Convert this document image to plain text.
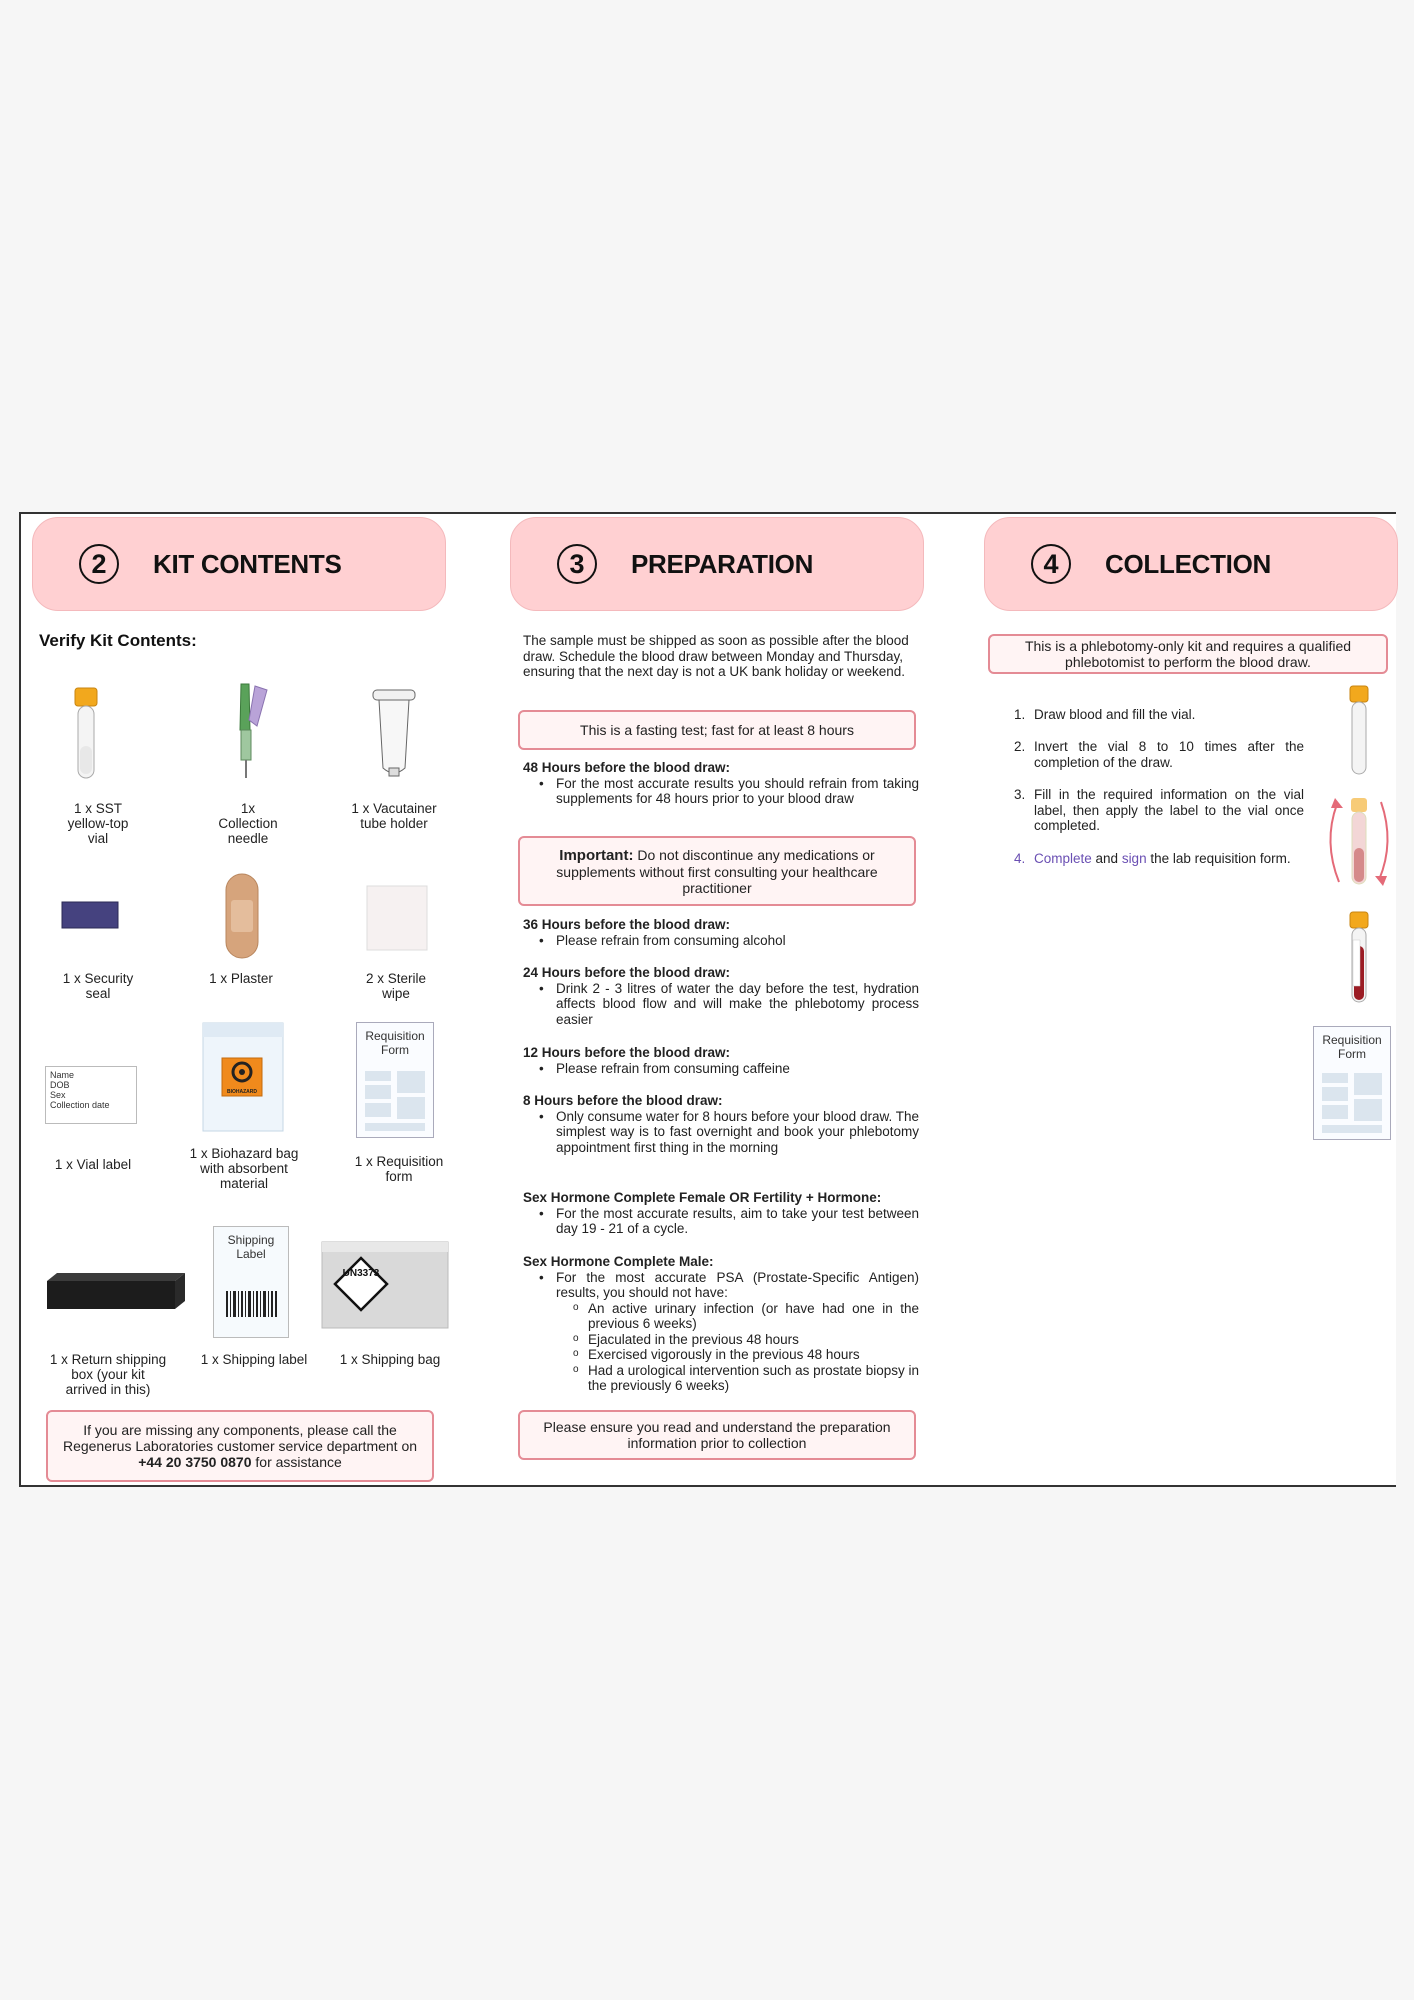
2	KIT CONTENTS
Verify Kit Contents:
1 x SST
yellow-top
vial
1x
Collection
needle
1 x Vacutainer
tube holder
1 x Security
seal
1 x Plaster	2 x Sterile
wipe
Name
DOB
Sex
Collection date
BIOHAZARD
Requisition
Form
1 x Vial label
1 x Biohazard bag
with absorbent
material
1 x Requisition
form
Shipping
Label
UN3373
1 x Return shipping
box (your kit
arrived in this)
1 x Shipping label	1 x Shipping bag
If you are missing any components, please call the Regenerus Laboratories customer service department on +44 20 3750 0870 for assistance
3	PREPARATION
The sample must be shipped as soon as possible after the blood draw. Schedule the blood draw between Monday and Thursday, ensuring that the next day is not a UK bank holiday or weekend.
This is a fasting test; fast for at least 8 hours
48 Hours before the blood draw:
• For the most accurate results you should refrain from taking supplements for 48 hours prior to your blood draw
Important: Do not discontinue any medications or supplements without first consulting your healthcare practitioner
36 Hours before the blood draw:
• Please refrain from consuming alcohol
24 Hours before the blood draw:
• Drink 2 - 3 litres of water the day before the test, hydration affects blood flow and will make the phlebotomy process easier
12 Hours before the blood draw:
• Please refrain from consuming caffeine
8 Hours before the blood draw:
• Only consume water for 8 hours before your blood draw. The simplest way is to fast overnight and book your phlebotomy appointment first thing in the morning
Sex Hormone Complete Female OR Fertility + Hormone:
• For the most accurate results, aim to take your test between day 19 - 21 of a cycle.
Sex Hormone Complete Male:
• For the most accurate PSA (Prostate-Specific Antigen) results, you should not have:
o An active urinary infection (or have had one in the previous 6 weeks)
o Ejaculated in the previous 48 hours
o Exercised vigorously in the previous 48 hours
o Had a urological intervention such as prostate biopsy in the previously 6 weeks)
Please ensure you read and understand the preparation information prior to collection
4	COLLECTION
This is a phlebotomy-only kit and requires a qualified phlebotomist to perform the blood draw.
1. Draw blood and fill the vial.
2. Invert the vial 8 to 10 times after the completion of the draw.
3. Fill in the required information on the vial label, then apply the label to the vial once completed.
4. Complete and sign the lab requisition form.
Requisition
Form
